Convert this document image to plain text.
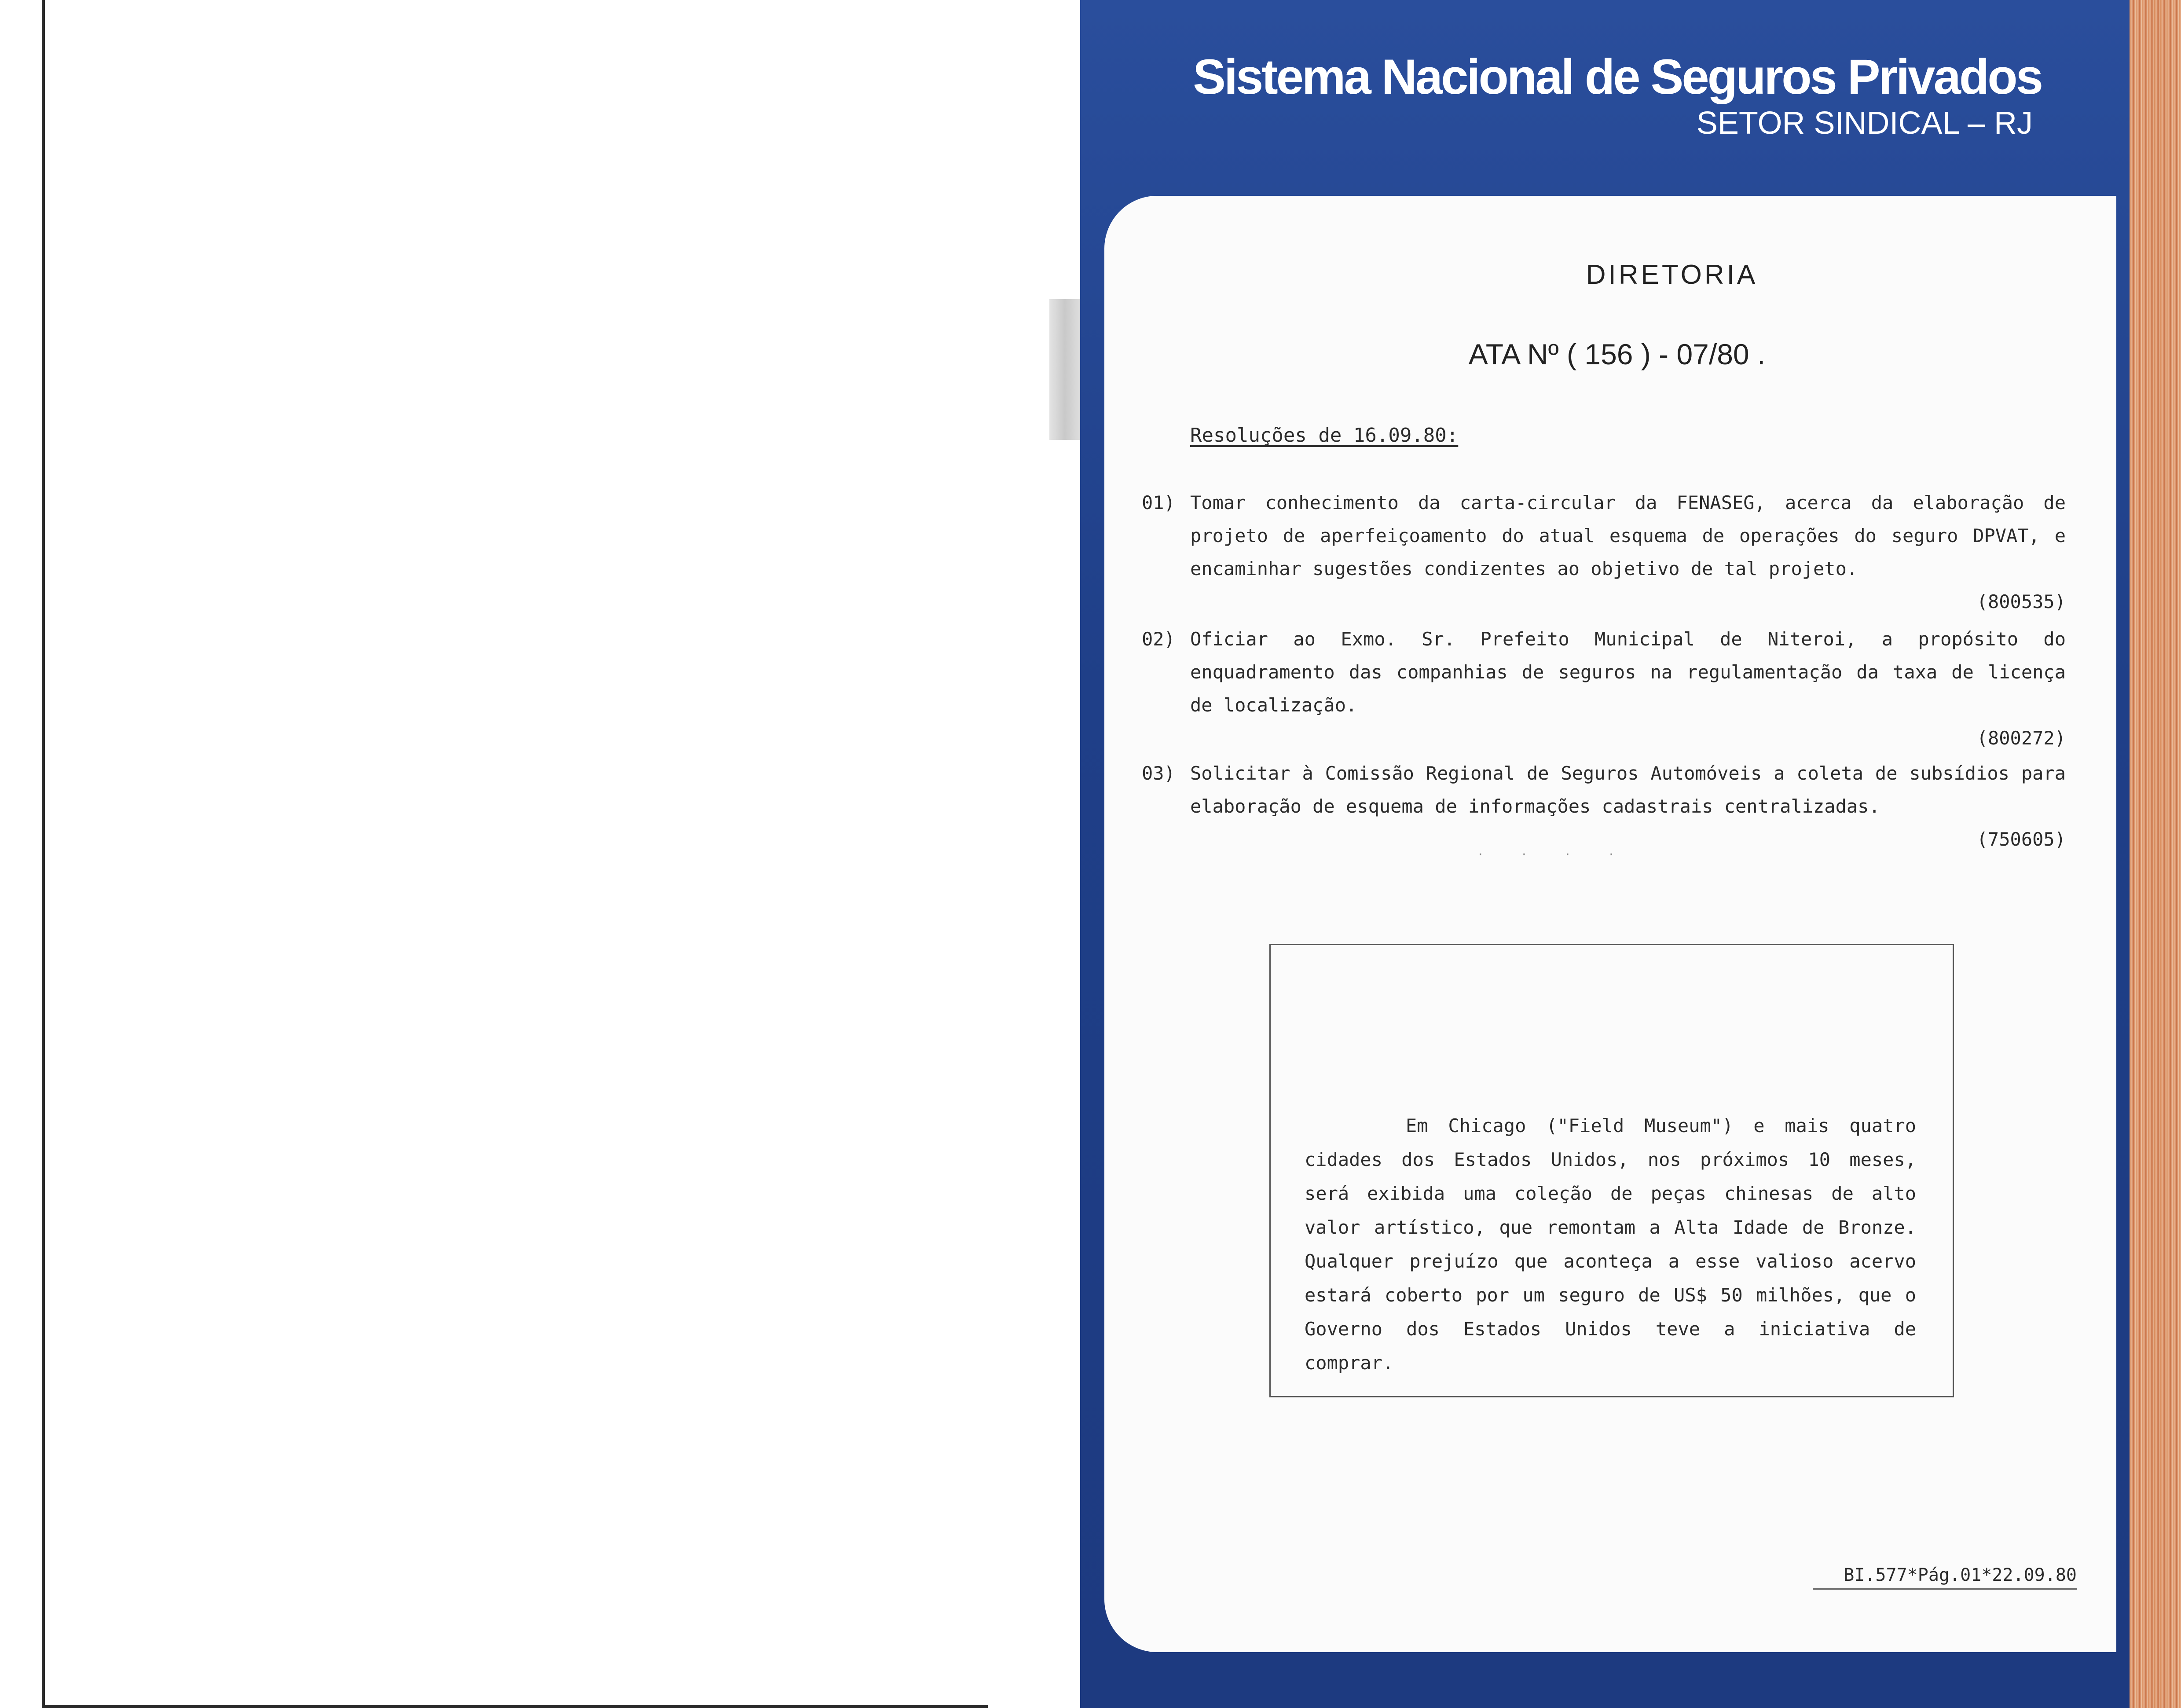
Sistema Nacional de Seguros Privados
SETOR SINDICAL – RJ
DIRETORIA
ATA Nº ( 156 ) - 07/80 .
Resoluções de 16.09.80:
01) Tomar conhecimento da carta-circular da FENASEG, acerca da elaboração de projeto de aperfeiçoamento do atual esquema de operações do seguro DPVAT, e encaminhar sugestões condizentes ao objetivo de tal projeto.
(800535)
02) Oficiar ao Exmo. Sr. Prefeito Municipal de Niteroi, a propósito do enquadramento das companhias de seguros na regulamentação da taxa de licença de localização.
(800272)
03) Solicitar à Comissão Regional de Seguros Automóveis a coleta de subsídios para elaboração de esquema de informações cadastrais centralizadas.
(750605)
· · · ·
Em Chicago ("Field Museum") e mais quatro cidades dos Estados Unidos, nos próximos 10 meses, será exibida uma coleção de peças chinesas de alto valor artístico, que remontam a Alta Idade de Bronze. Qualquer prejuízo que aconteça a esse valioso acervo estará coberto por um seguro de US$ 50 milhões, que o Governo dos Estados Unidos teve a iniciativa de comprar.
BI.577*Pág.01*22.09.80
